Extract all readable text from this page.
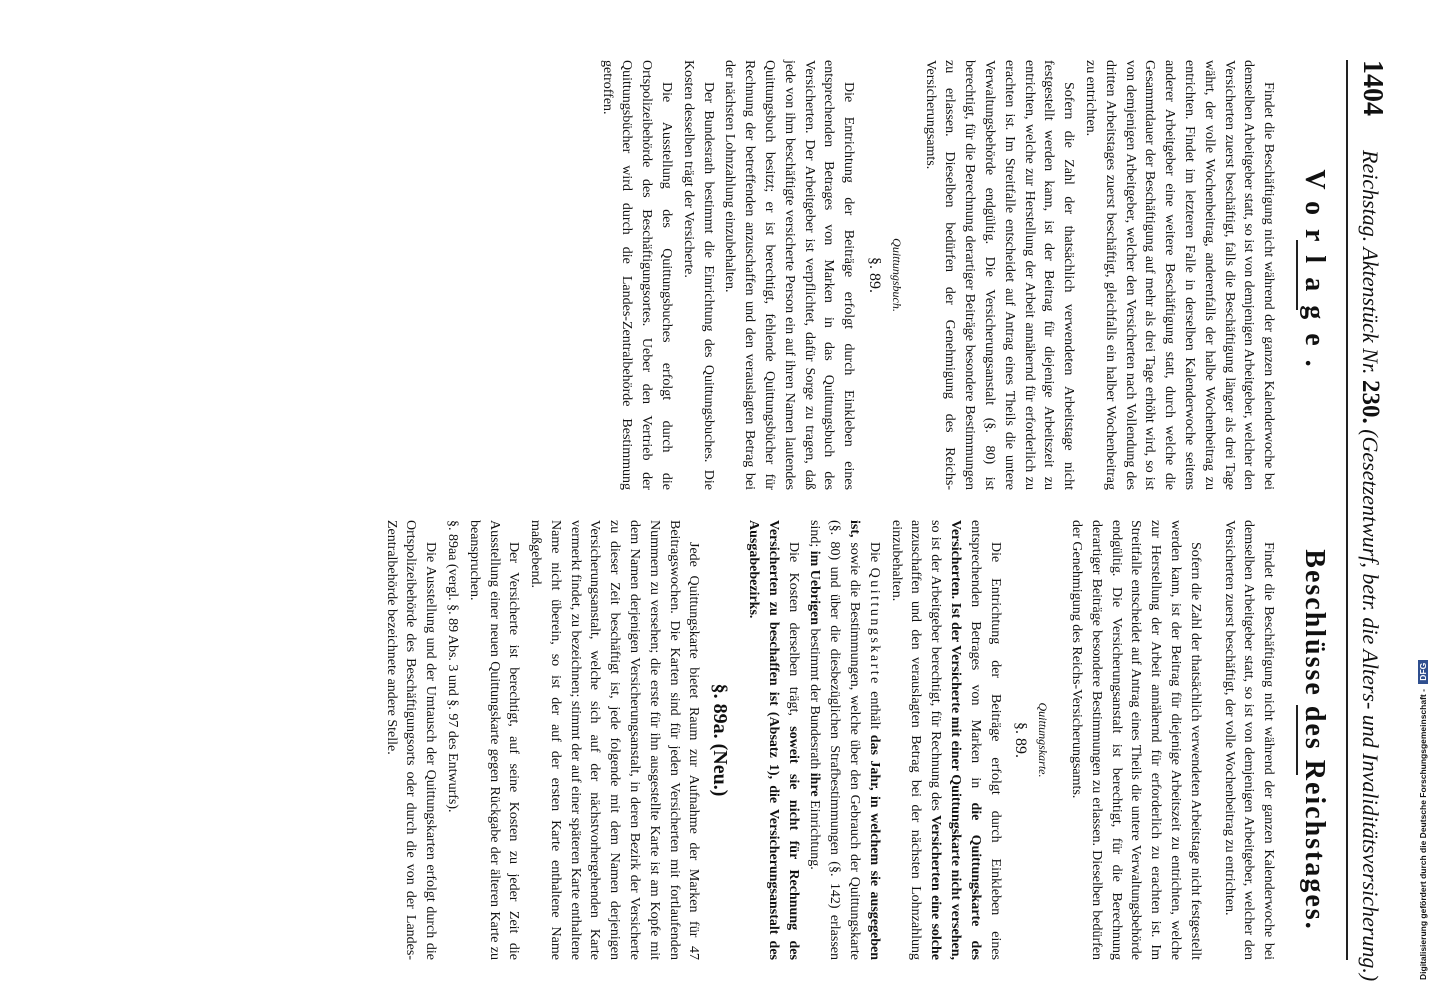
1404
Reichstag. Aktenstück Nr. 230. (Gesetzentwurf, betr. die Alters- und Invaliditätsversicherung.)
Vorlage.

Findet die Beschäftigung nicht während der ganzen Kalenderwoche bei demselben Arbeitgeber statt, so ist von demjenigen Arbeitgeber, welcher den Versicherten zuerst beschäftigt, falls die Beschäftigung länger als drei Tage währt, der volle Wochenbeitrag, anderenfalls der halbe Wochenbeitrag zu entrichten. Findet im letzteren Falle in derselben Kalenderwoche seitens anderer Arbeitgeber eine weitere Beschäftigung statt, durch welche die Gesammtdauer der Beschäftigung auf mehr als drei Tage erhöht wird, so ist von demjenigen Arbeitgeber, welcher den Versicherten nach Vollendung des dritten Arbeitstages zuerst beschäftigt, gleichfalls ein halber Wochenbeitrag zu entrichten.

Sofern die Zahl der thatsächlich verwendeten Arbeitstage nicht festgestellt werden kann, ist der Beitrag für diejenige Arbeitszeit zu entrichten, welche zur Herstellung der Arbeit annähernd für erforderlich zu erachten ist. Im Streitfalle entscheidet auf Antrag eines Theils die untere Verwaltungsbehörde endgültig. Die Versicherungsanstalt (§. 80) ist berechtigt, für die Berechnung derartiger Beiträge besondere Bestimmungen zu erlassen. Dieselben bedürfen der Genehmigung des Reichs-Versicherungsamts.

Quittungsbuch.
§. 89.

Die Entrichtung der Beiträge erfolgt durch Einkleben eines entsprechenden Betrages von Marken in das Quittungsbuch des Versicherten. Der Arbeitgeber ist verpflichtet, dafür Sorge zu tragen, daß jede von ihm beschäftigte versicherte Person ein auf ihren Namen lautendes Quittungsbuch besitzt; er ist berechtigt, fehlende Quittungsbücher für Rechnung der betreffenden anzuschaffen und den verauslagten Betrag bei der nächsten Lohnzahlung einzubehalten.

Der Bundesrath bestimmt die Einrichtung des Quittungsbuches. Die Kosten desselben trägt der Versicherte.

Die Ausstellung des Quittungsbuches erfolgt durch die Ortspolizeibehörde des Beschäftigungsortes. Ueber den Vertrieb der Quittungsbücher wird durch die Landes-Zentralbehörde Bestimmung getroffen.

Beschlüsse des Reichstages.

Findet die Beschäftigung nicht während der ganzen Kalenderwoche bei demselben Arbeitgeber statt, so ist von demjenigen Arbeitgeber, welcher den Versicherten zuerst beschäftigt, der volle Wochenbeitrag zu entrichten.

Sofern die Zahl der thatsächlich verwendeten Arbeitstage nicht festgestellt werden kann, ist der Beitrag für diejenige Arbeitszeit zu entrichten, welche zur Herstellung der Arbeit annähernd für erforderlich zu erachten ist. Im Streitfalle entscheidet auf Antrag eines Theils die untere Verwaltungsbehörde endgültig. Die Versicherungsanstalt ist berechtigt, für die Berechnung derartiger Beiträge besondere Bestimmungen zu erlassen. Dieselben bedürfen der Genehmigung des Reichs-Versicherungsamts.

Quittungskarte.
§. 89.

Die Entrichtung der Beiträge erfolgt durch Einkleben eines entsprechenden Betrages von Marken in die Quittungskarte des Versicherten. Ist der Versicherte mit einer Quittungskarte nicht versehen, so ist der Arbeitgeber berechtigt, für Rechnung des Versicherten eine solche anzuschaffen und den verauslagten Betrag bei der nächsten Lohnzahlung einzubehalten.

Die Quittungskarte enthält das Jahr, in welchem sie ausgegeben ist, sowie die Bestimmungen, welche über den Gebrauch der Quittungskarte (§. 80) und über die diesbezüglichen Strafbestimmungen (§. 142) erlassen sind; im Uebrigen bestimmt der Bundesrath ihre Einrichtung.

Die Kosten derselben trägt, soweit sie nicht für Rechnung des Versicherten zu beschaffen ist (Absatz 1), die Versicherungsanstalt des Ausgabebezirks.

§. 89a. (Neu.)

Jede Quittungskarte bietet Raum zur Aufnahme der Marken für 47 Beitragswochen. Die Karten sind für jeden Versicherten mit fortlaufenden Nummern zu versehen; die erste für ihn ausgestellte Karte ist am Kopfe mit dem Namen derjenigen Versicherungsanstalt, in deren Bezirk der Versicherte zu dieser Zeit beschäftigt ist, jede folgende mit dem Namen derjenigen Versicherungsanstalt, welche sich auf der nächstvorhergehenden Karte vermerkt findet, zu bezeichnen; stimmt der auf einer späteren Karte enthaltene Name nicht überein, so ist der auf der ersten Karte enthaltene Name maßgebend.

Der Versicherte ist berechtigt, auf seine Kosten zu jeder Zeit die Ausstellung einer neuen Quittungskarte gegen Rückgabe der älteren Karte zu beanspruchen.

§. 89aa (vergl. §. 89 Abs. 3 und §. 97 des Entwurfs).

Die Ausstellung und der Umtausch der Quittungskarten erfolgt durch die Ortspolizeibehörde des Beschäftigungsorts oder durch die von der Landes-Zentralbehörde bezeichnete andere Stelle.

Digitalisierung gefördert durch die Deutsche Forschungsgemeinschaft - DFG
